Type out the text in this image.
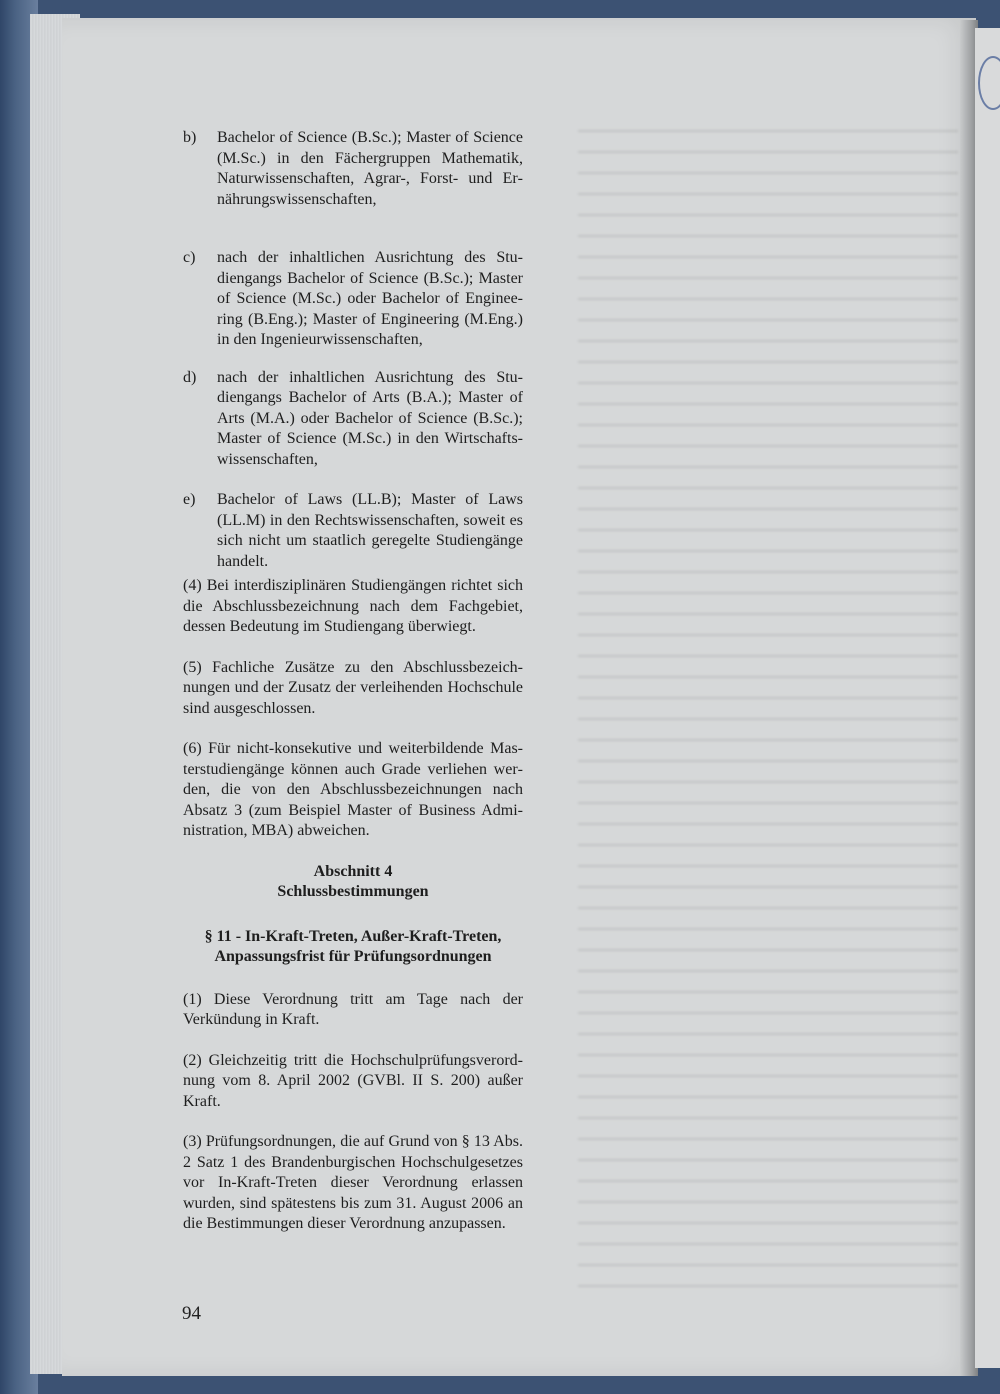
b)	Bachelor of Science (B.Sc.); Master of Science (M.Sc.) in den Fächergruppen Mathematik, Naturwissenschaften, Agrar-, Forst- und Ernährungswissenschaften,
c)	nach der inhaltlichen Ausrichtung des Studiengangs Bachelor of Science (B.Sc.); Master of Science (M.Sc.) oder Bachelor of Engineering (B.Eng.); Master of Engineering (M.Eng.) in den Ingenieurwissenschaften,
d)	nach der inhaltlichen Ausrichtung des Studiengangs Bachelor of Arts (B.A.); Master of Arts (M.A.) oder Bachelor of Science (B.Sc.); Master of Science (M.Sc.) in den Wirtschaftswissenschaften,
e)	Bachelor of Laws (LL.B); Master of Laws (LL.M) in den Rechtswissenschaften, soweit es sich nicht um staatlich geregelte Studiengänge handelt.

(4) Bei interdisziplinären Studiengängen richtet sich die Abschlussbezeichnung nach dem Fachgebiet, dessen Bedeutung im Studiengang überwiegt.

(5) Fachliche Zusätze zu den Abschlussbezeichnungen und der Zusatz der verleihenden Hochschule sind ausgeschlossen.

(6) Für nicht-konsekutive und weiterbildende Masterstudiengänge können auch Grade verliehen werden, die von den Abschlussbezeichnungen nach Absatz 3 (zum Beispiel Master of Business Administration, MBA) abweichen.

Abschnitt 4
Schlussbestimmungen
§ 11 - In-Kraft-Treten, Außer-Kraft-Treten,
Anpassungsfrist für Prüfungsordnungen

(1) Diese Verordnung tritt am Tage nach der Verkündung in Kraft.

(2) Gleichzeitig tritt die Hochschulprüfungsverordnung vom 8. April 2002 (GVBl. II S. 200) außer Kraft.

(3) Prüfungsordnungen, die auf Grund von § 13 Abs. 2 Satz 1 des Brandenburgischen Hochschulgesetzes vor In-Kraft-Treten dieser Verordnung erlassen wurden, sind spätestens bis zum 31. August 2006 an die Bestimmungen dieser Verordnung anzupassen.

94
